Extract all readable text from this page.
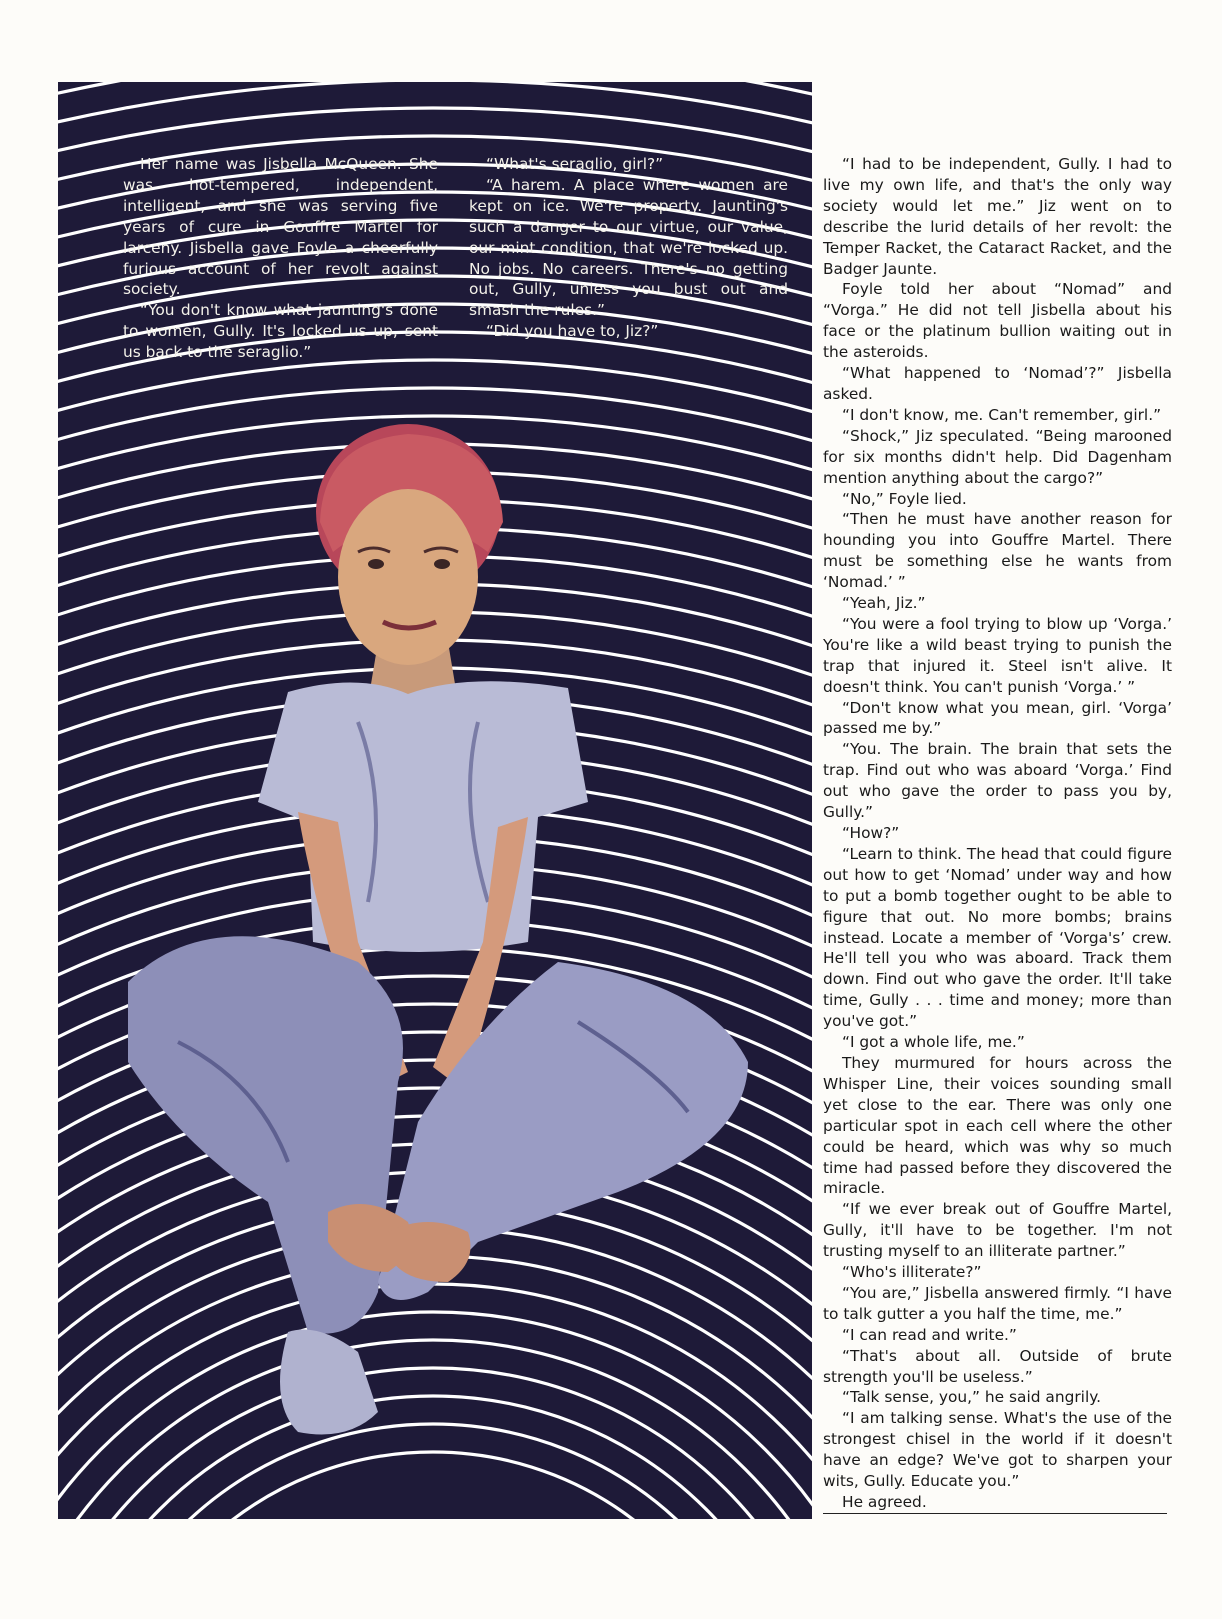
Her name was Jisbella McQueen. She was hot-tempered, independent, intelligent, and she was serving five years of cure in Gouffre Martel for larceny. Jisbella gave Foyle a cheerfully furious account of her revolt against society.

“You don't know what jaunting's done to women, Gully. It's locked us up, sent us back to the seraglio.”

“What's seraglio, girl?”

“A harem. A place where women are kept on ice. We're property. Jaunting's such a danger to our virtue, our value, our mint condition, that we're locked up. No jobs. No careers. There's no getting out, Gully, unless you bust out and smash the rules.”

“Did you have to, Jiz?”

“I had to be independent, Gully. I had to live my own life, and that's the only way society would let me.” Jiz went on to describe the lurid details of her revolt: the Temper Racket, the Cataract Racket, and the Badger Jaunte.

Foyle told her about “Nomad” and “Vorga.” He did not tell Jisbella about his face or the platinum bullion waiting out in the asteroids.

“What happened to ‘Nomad’?” Jisbella asked.

“I don't know, me. Can't remember, girl.”

“Shock,” Jiz speculated. “Being marooned for six months didn't help. Did Dagenham mention anything about the cargo?”

“No,” Foyle lied.

“Then he must have another reason for hounding you into Gouffre Martel. There must be something else he wants from ‘Nomad.’ ”

“Yeah, Jiz.”

“You were a fool trying to blow up ‘Vorga.’ You're like a wild beast trying to punish the trap that injured it. Steel isn't alive. It doesn't think. You can't punish ‘Vorga.’ ”

“Don't know what you mean, girl. ‘Vorga’ passed me by.”

“You. The brain. The brain that sets the trap. Find out who was aboard ‘Vorga.’ Find out who gave the order to pass you by, Gully.”

“How?”

“Learn to think. The head that could figure out how to get ‘Nomad’ under way and how to put a bomb together ought to be able to figure that out. No more bombs; brains instead. Locate a member of ‘Vorga's’ crew. He'll tell you who was aboard. Track them down. Find out who gave the order. It'll take time, Gully . . . time and money; more than you've got.”

“I got a whole life, me.”

They murmured for hours across the Whisper Line, their voices sounding small yet close to the ear. There was only one particular spot in each cell where the other could be heard, which was why so much time had passed before they discovered the miracle.

“If we ever break out of Gouffre Martel, Gully, it'll have to be together. I'm not trusting myself to an illiterate partner.”

“Who's illiterate?”

“You are,” Jisbella answered firmly. “I have to talk gutter a you half the time, me.”

“I can read and write.”

“That's about all. Outside of brute strength you'll be useless.”

“Talk sense, you,” he said angrily.

“I am talking sense. What's the use of the strongest chisel in the world if it doesn't have an edge? We've got to sharpen your wits, Gully. Educate you.”

He agreed.
